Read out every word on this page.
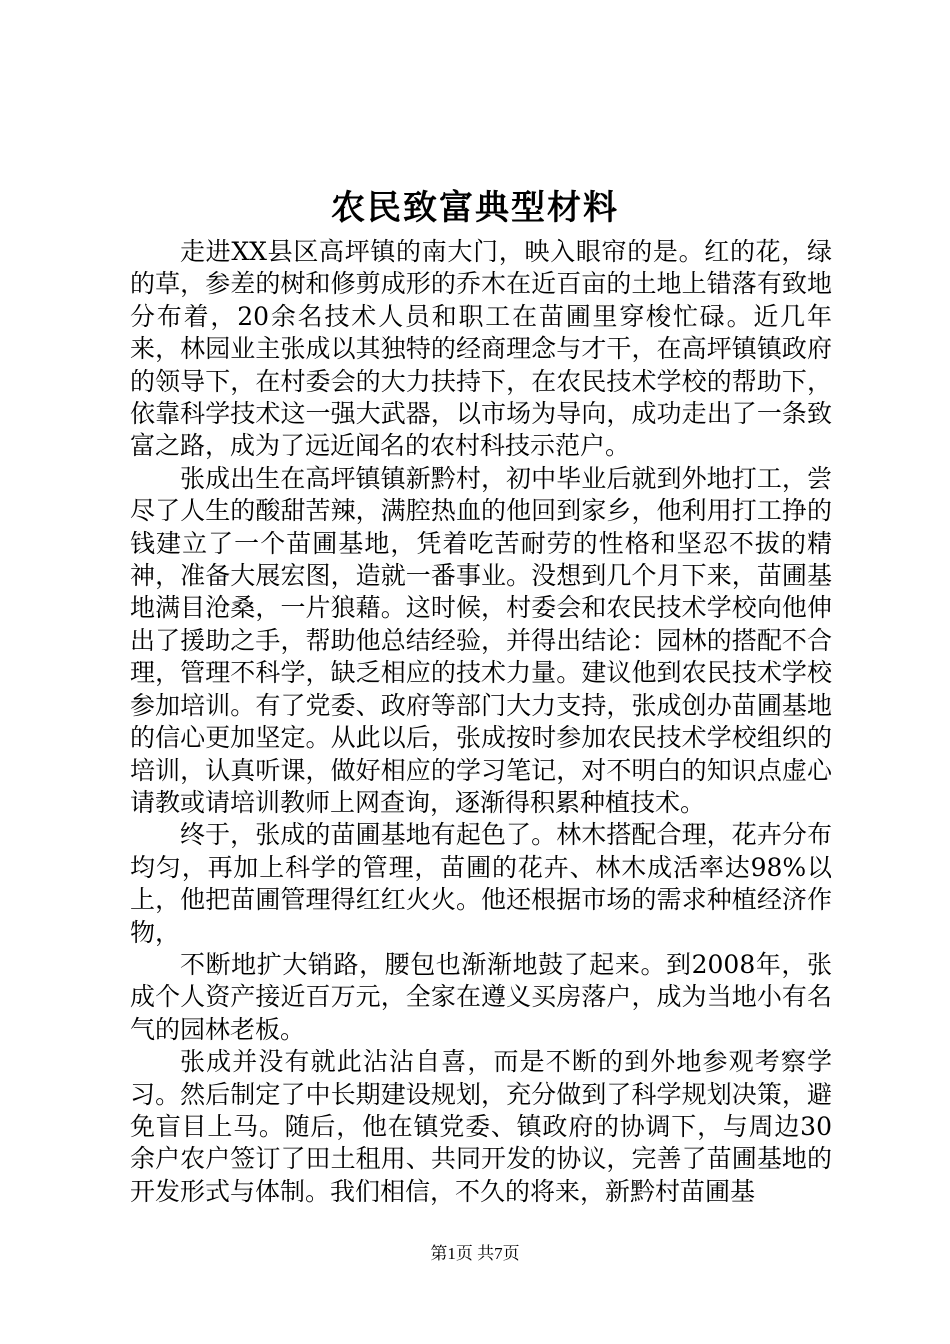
农民致富典型材料

走进XX县区高坪镇的南大门，映入眼帘的是。红的花，绿的草，参差的树和修剪成形的乔木在近百亩的土地上错落有致地分布着，20余名技术人员和职工在苗圃里穿梭忙碌。近几年来，林园业主张成以其独特的经商理念与才干，在高坪镇镇政府的领导下，在村委会的大力扶持下，在农民技术学校的帮助下，依靠科学技术这一强大武器，以市场为导向，成功走出了一条致富之路，成为了远近闻名的农村科技示范户。

张成出生在高坪镇镇新黔村，初中毕业后就到外地打工，尝尽了人生的酸甜苦辣，满腔热血的他回到家乡，他利用打工挣的钱建立了一个苗圃基地，凭着吃苦耐劳的性格和坚忍不拔的精神，准备大展宏图，造就一番事业。没想到几个月下来，苗圃基地满目沧桑，一片狼藉。这时候，村委会和农民技术学校向他伸出了援助之手，帮助他总结经验，并得出结论：园林的搭配不合理，管理不科学，缺乏相应的技术力量。建议他到农民技术学校参加培训。有了党委、政府等部门大力支持，张成创办苗圃基地的信心更加坚定。从此以后，张成按时参加农民技术学校组织的培训，认真听课，做好相应的学习笔记，对不明白的知识点虚心请教或请培训教师上网查询，逐渐得积累种植技术。

终于，张成的苗圃基地有起色了。林木搭配合理，花卉分布均匀，再加上科学的管理，苗圃的花卉、林木成活率达98%以上，他把苗圃管理得红红火火。他还根据市场的需求种植经济作物，

不断地扩大销路，腰包也渐渐地鼓了起来。到2008年，张成个人资产接近百万元，全家在遵义买房落户，成为当地小有名气的园林老板。

张成并没有就此沾沾自喜，而是不断的到外地参观考察学习。然后制定了中长期建设规划，充分做到了科学规划决策，避免盲目上马。随后，他在镇党委、镇政府的协调下，与周边30余户农户签订了田土租用、共同开发的协议，完善了苗圃基地的开发形式与体制。我们相信，不久的将来，新黔村苗圃基

第1页 共7页
